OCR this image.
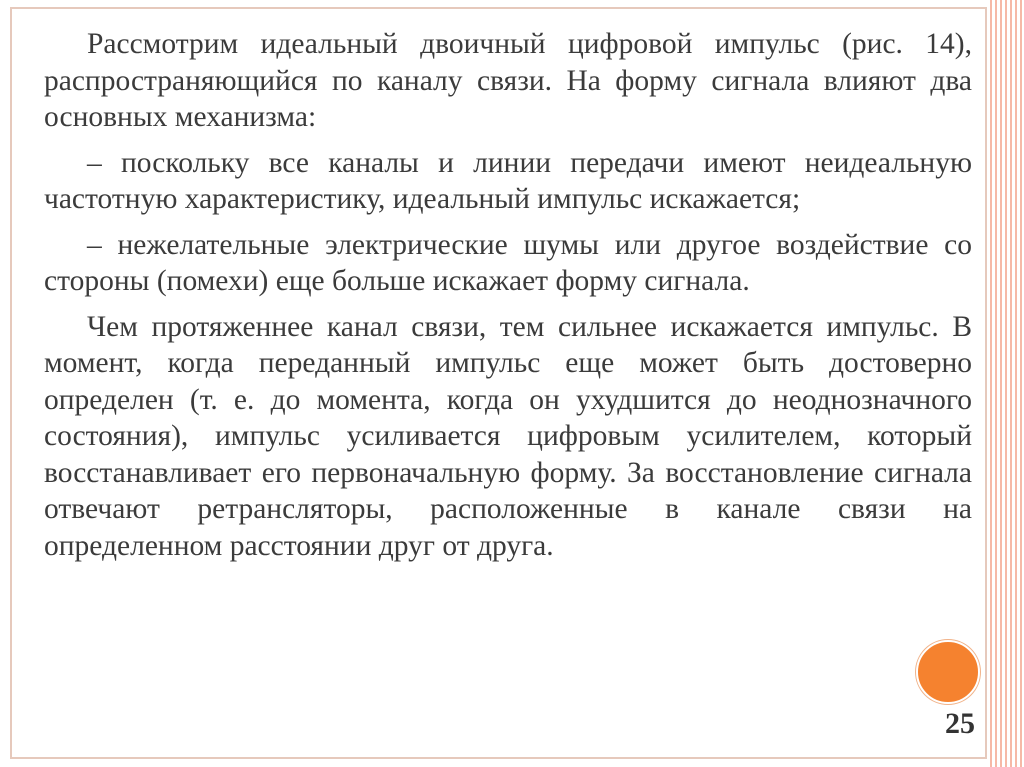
Рассмотрим идеальный двоичный цифровой импульс (рис. 14), распространяющийся по каналу связи. На форму сигнала влияют два основных механизма:

– поскольку все каналы и линии передачи имеют неидеальную частотную характеристику, идеальный импульс искажается;

– нежелательные электрические шумы или другое воздействие со стороны (помехи) еще больше искажает форму сигнала.

Чем протяженнее канал связи, тем сильнее искажается импульс. В момент, когда переданный импульс еще может быть достоверно определен (т. е. до момента, когда он ухудшится до неоднозначного состояния), импульс усиливается цифровым усилителем, который восстанавливает его первоначальную форму. За восстановление сигнала отвечают ретрансляторы, расположенные в канале связи на определенном расстоянии друг от друга.

25
